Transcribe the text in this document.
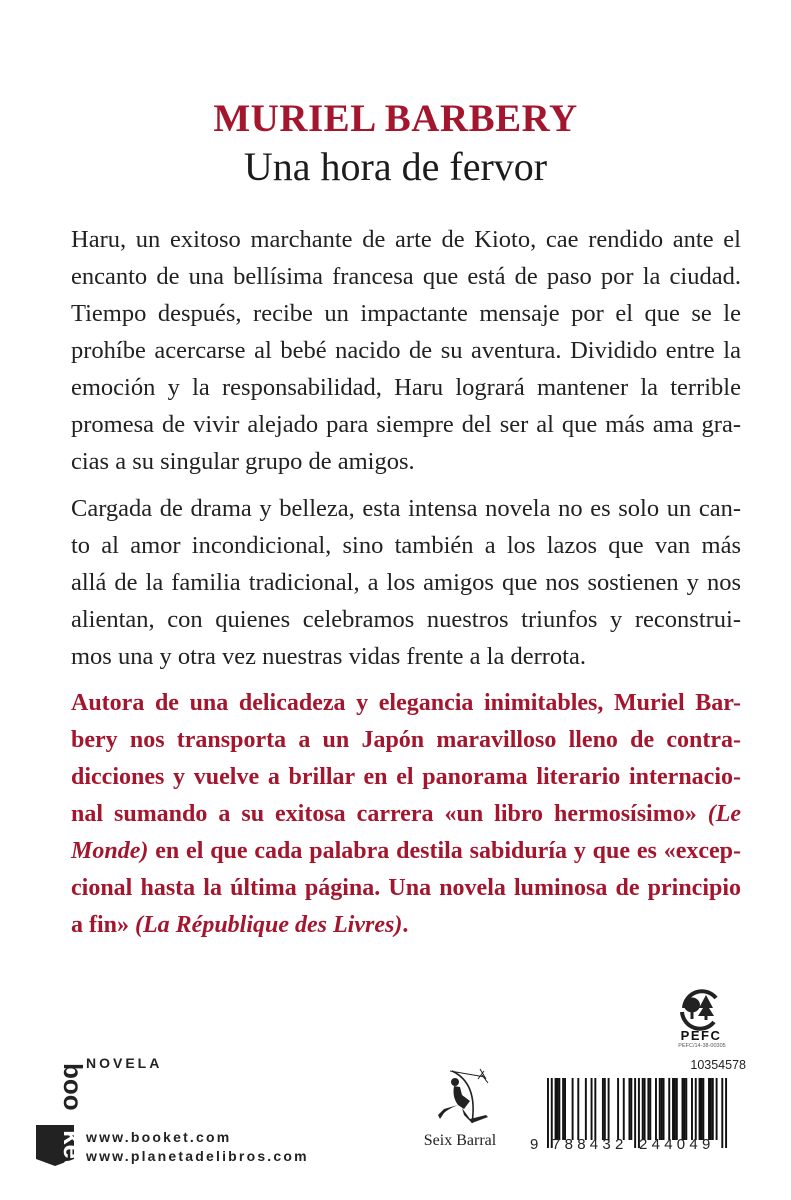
MURIEL BARBERY
Una hora de fervor
Haru, un exitoso marchante de arte de Kioto, cae rendido ante el
encanto de una bellísima francesa que está de paso por la ciudad.
Tiempo después, recibe un impactante mensaje por el que se le
prohíbe acercarse al bebé nacido de su aventura. Dividido entre la
emoción y la responsabilidad, Haru logrará mantener la terrible
promesa de vivir alejado para siempre del ser al que más ama gra-
cias a su singular grupo de amigos.
Cargada de drama y belleza, esta intensa novela no es solo un can-
to al amor incondicional, sino también a los lazos que van más
allá de la familia tradicional, a los amigos que nos sostienen y nos
alientan, con quienes celebramos nuestros triunfos y reconstrui-
mos una y otra vez nuestras vidas frente a la derrota.
Autora de una delicadeza y elegancia inimitables, Muriel Bar-
bery nos transporta a un Japón maravilloso lleno de contra-
dicciones y vuelve a brillar en el panorama literario internacio-
nal sumando a su exitosa carrera «un libro hermosísimo» (Le
Monde) en el que cada palabra destila sabiduría y que es «excep-
cional hasta la última página. Una novela luminosa de principio
a fin» (La République des Livres).
boo
ket
NOVELA
www.booket.com
www.planetadelibros.com
Seix Barral
PEFC
PEFC/14-38-00305
10354578
9 7 8 8 4 3 2 2 4 4 0 4 9
